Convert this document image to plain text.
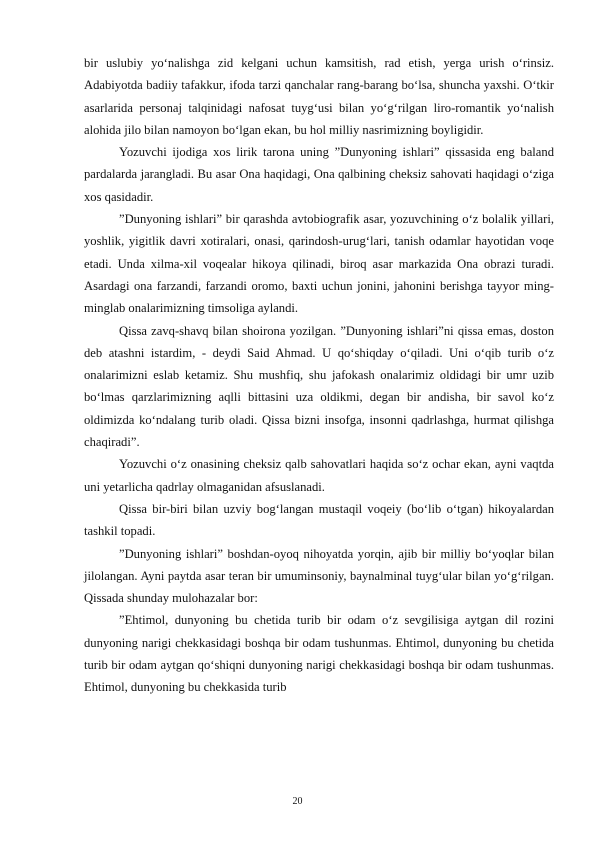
bir uslubiy yo‘nalishga zid kelgani uchun kamsitish, rad etish, yerga urish o‘rinsiz. Adabiyotda badiiy tafakkur, ifoda tarzi qanchalar rang-barang bo‘lsa, shuncha yaxshi. O‘tkir asarlarida personaj talqinidagi nafosat tuyg‘usi bilan yo‘g‘rilgan liro-romantik yo‘nalish alohida jilo bilan namoyon bo‘lgan ekan, bu hol milliy nasrimizning boyligidir.

Yozuvchi ijodiga xos lirik tarona uning ”Dunyoning ishlari” qissasida eng baland pardalarda jarangladi. Bu asar Ona haqidagi, Ona qalbining cheksiz sahovati haqidagi o‘ziga xos qasidadir.

”Dunyoning ishlari” bir qarashda avtobiografik asar, yozuvchining o‘z bolalik yillari, yoshlik, yigitlik davri xotiralari, onasi, qarindosh-urug‘lari, tanish odamlar hayotidan voqe etadi. Unda xilma-xil voqealar hikoya qilinadi, biroq asar markazida Ona obrazi turadi. Asardagi ona farzandi, farzandi oromo, baxti uchun jonini, jahonini berishga tayyor ming-minglab onalarimizning timsoliga aylandi.

Qissa zavq-shavq bilan shoirona yozilgan. ”Dunyoning ishlari”ni qissa emas, doston deb atashni istardim, - deydi Said Ahmad. U qo‘shiqday o‘qiladi. Uni o‘qib turib o‘z onalarimizni eslab ketamiz. Shu mushfiq, shu jafokash onalarimiz oldidagi bir umr uzib bo‘lmas qarzlarimizning aqlli bittasini uza oldikmi, degan bir andisha, bir savol ko‘z oldimizda ko‘ndalang turib oladi. Qissa bizni insofga, insonni qadrlashga, hurmat qilishga chaqiradi”.

Yozuvchi o‘z onasining cheksiz qalb sahovatlari haqida so‘z ochar ekan, ayni vaqtda uni yetarlicha qadrlay olmaganidan afsuslanadi.

Qissa bir-biri bilan uzviy bog‘langan mustaqil voqeiy (bo‘lib o‘tgan) hikoyalardan tashkil topadi.

”Dunyoning ishlari” boshdan-oyoq nihoyatda yorqin, ajib bir milliy bo‘yoqlar bilan jilolangan. Ayni paytda asar teran bir umuminsoniy, baynalminal tuyg‘ular bilan yo‘g‘rilgan. Qissada shunday mulohazalar bor:

”Ehtimol, dunyoning bu chetida turib bir odam o‘z sevgilisiga aytgan dil rozini dunyoning narigi chekkasidagi boshqa bir odam tushunmas. Ehtimol, dunyoning bu chetida turib bir odam aytgan qo‘shiqni dunyoning narigi chekkasidagi boshqa bir odam tushunmas. Ehtimol, dunyoning bu chekkasida turib

20
